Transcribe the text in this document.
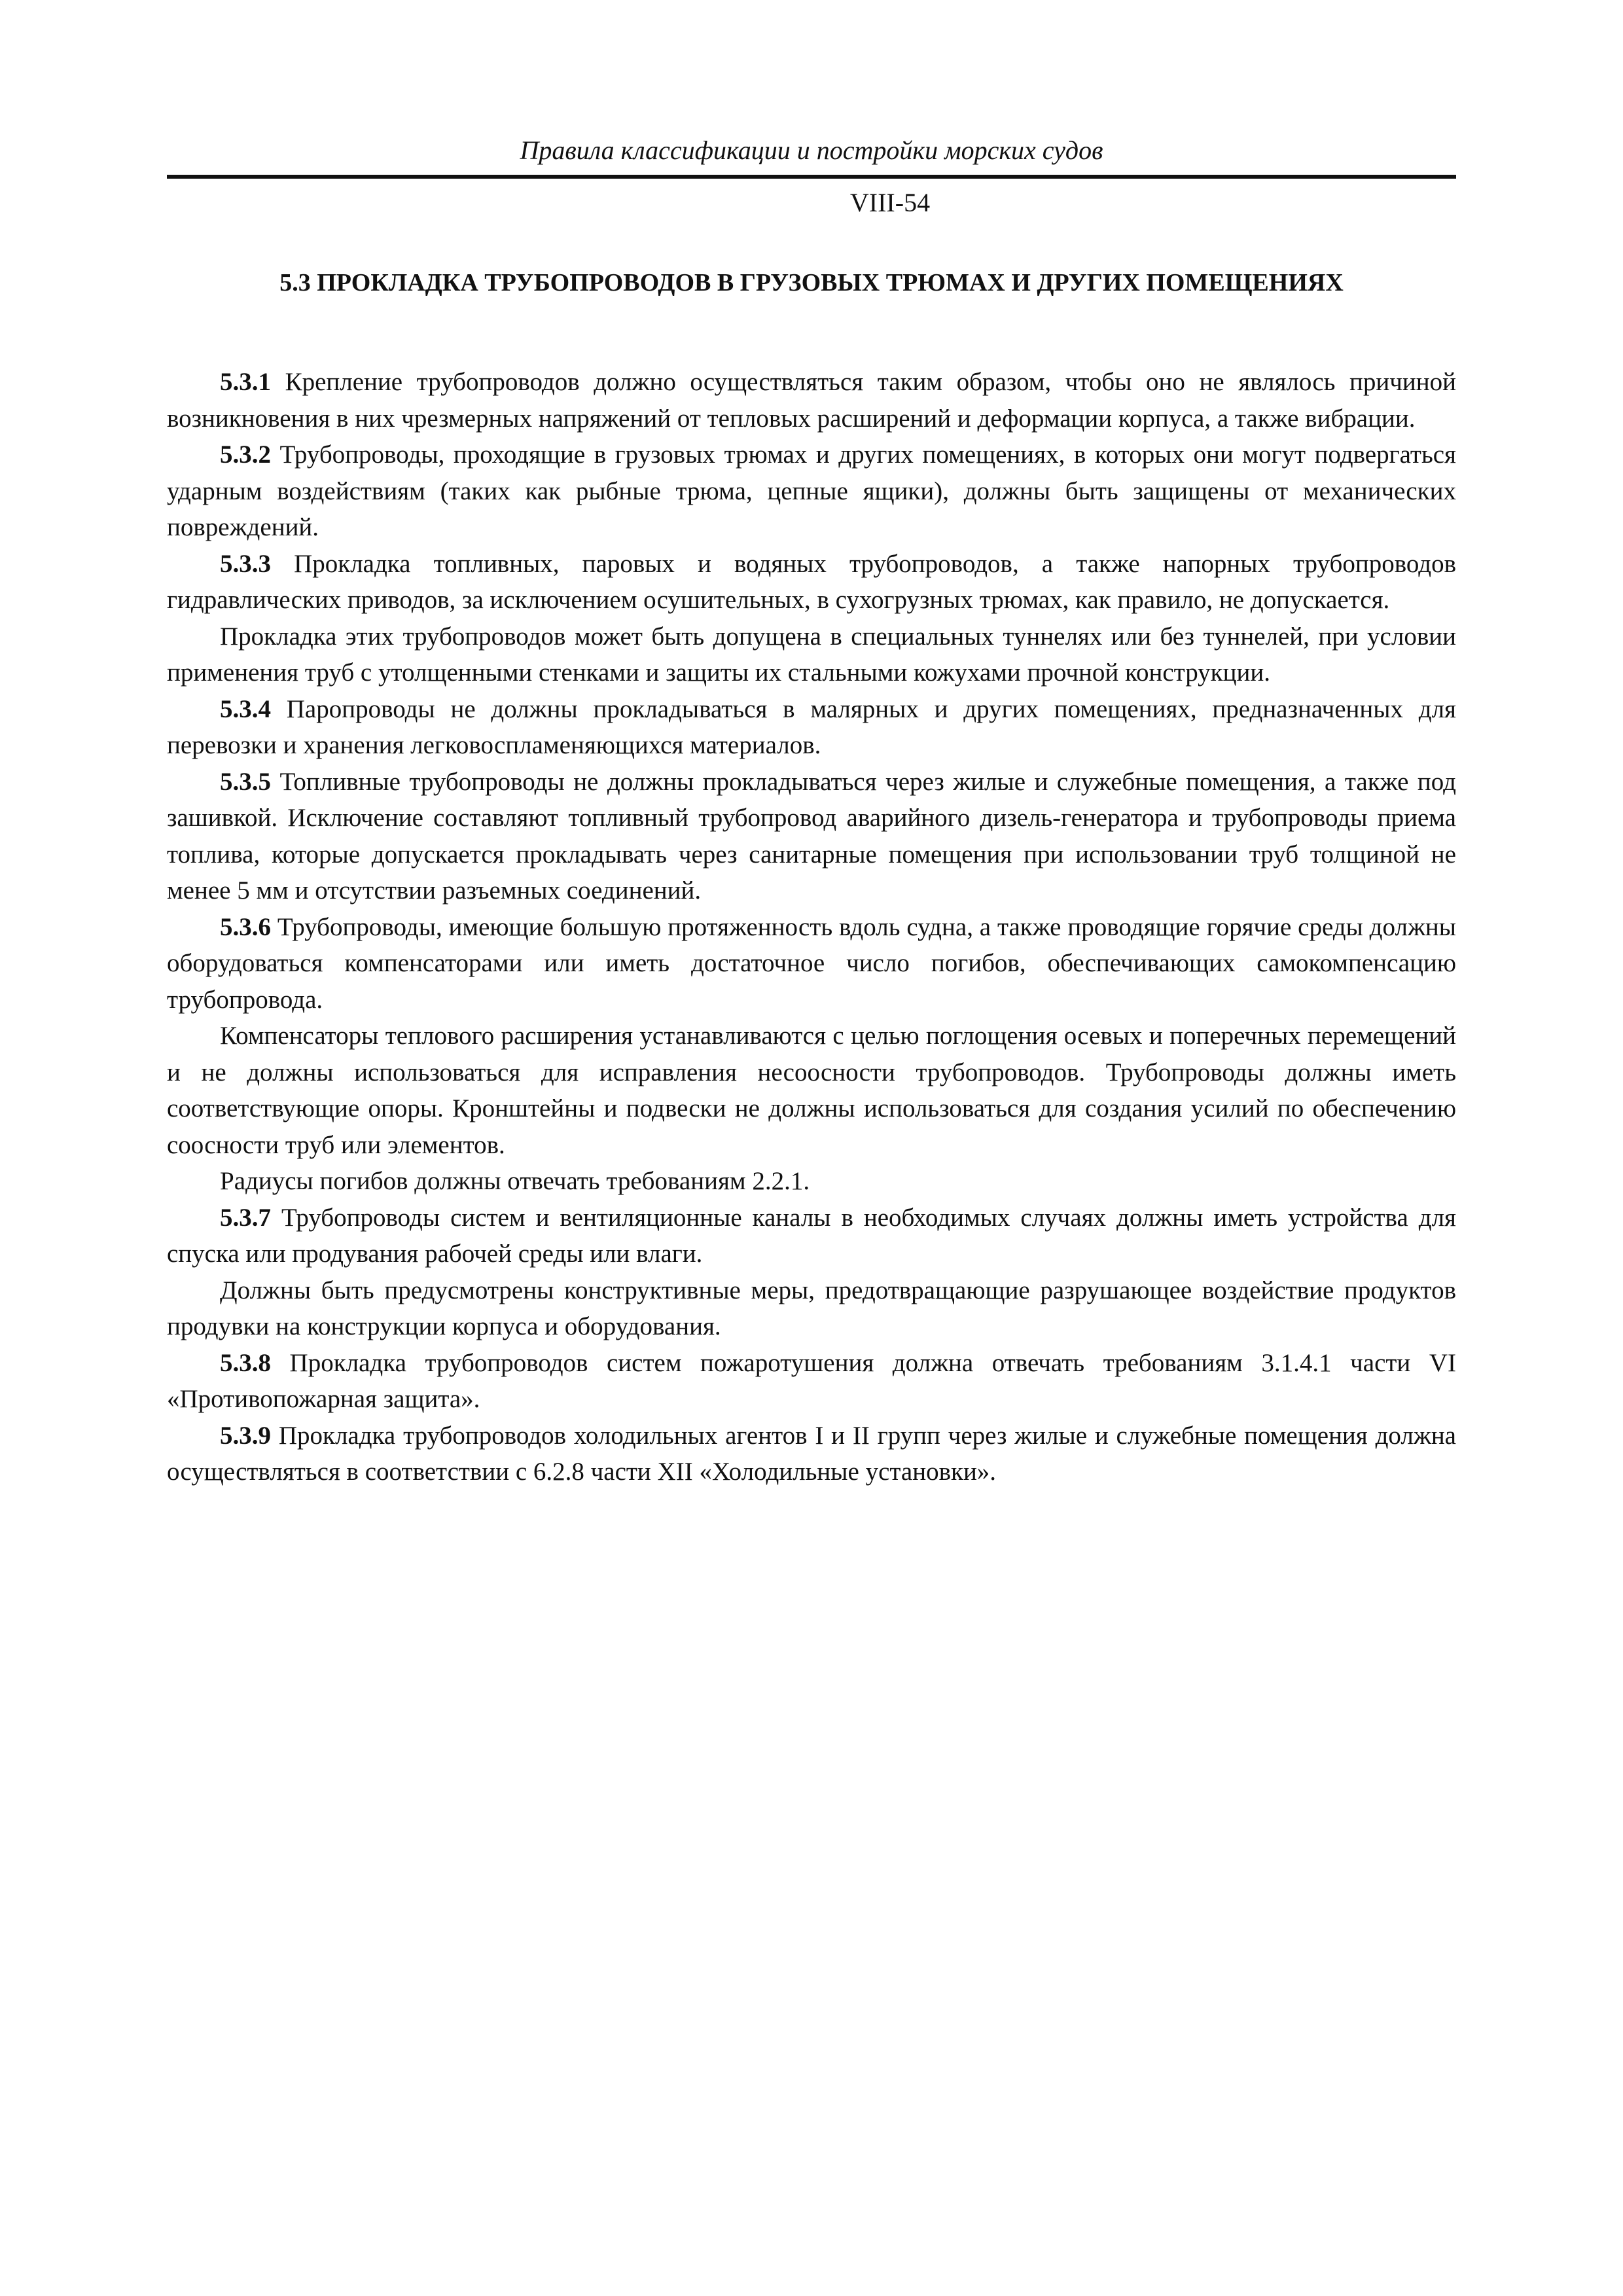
Правила классификации и постройки морских судов
VIII-54
5.3 ПРОКЛАДКА ТРУБОПРОВОДОВ В ГРУЗОВЫХ ТРЮМАХ И ДРУГИХ ПОМЕЩЕНИЯХ

5.3.1 Крепление трубопроводов должно осуществляться таким образом, чтобы оно не являлось причиной возникновения в них чрезмерных напряжений от тепловых расширений и деформации корпуса, а также вибрации.

5.3.2 Трубопроводы, проходящие в грузовых трюмах и других помещениях, в которых они могут подвергаться ударным воздействиям (таких как рыбные трюма, цепные ящики), должны быть защищены от механических повреждений.

5.3.3 Прокладка топливных, паровых и водяных трубопроводов, а также напорных трубопроводов гидравлических приводов, за исключением осушительных, в сухогрузных трюмах, как правило, не допускается.

Прокладка этих трубопроводов может быть допущена в специальных туннелях или без туннелей, при условии применения труб с утолщенными стенками и защиты их стальными кожухами прочной конструкции.

5.3.4 Паропроводы не должны прокладываться в малярных и других помещениях, предназначенных для перевозки и хранения легковоспламеняющихся материалов.

5.3.5 Топливные трубопроводы не должны прокладываться через жилые и служебные помещения, а также под зашивкой. Исключение составляют топливный трубопровод аварийного дизель-генератора и трубопроводы приема топлива, которые допускается прокладывать через санитарные помещения при использовании труб толщиной не менее 5 мм и отсутствии разъемных соединений.

5.3.6 Трубопроводы, имеющие большую протяженность вдоль судна, а также проводящие горячие среды должны оборудоваться компенсаторами или иметь достаточное число погибов, обеспечивающих самокомпенсацию трубопровода.

Компенсаторы теплового расширения устанавливаются с целью поглощения осевых и поперечных перемещений и не должны использоваться для исправления несоосности трубопроводов. Трубопроводы должны иметь соответствующие опоры. Кронштейны и подвески не должны использоваться для создания усилий по обеспечению соосности труб или элементов.

Радиусы погибов должны отвечать требованиям 2.2.1.

5.3.7 Трубопроводы систем и вентиляционные каналы в необходимых случаях должны иметь устройства для спуска или продувания рабочей среды или влаги.

Должны быть предусмотрены конструктивные меры, предотвращающие разрушающее воздействие продуктов продувки на конструкции корпуса и оборудования.

5.3.8 Прокладка трубопроводов систем пожаротушения должна отвечать требованиям 3.1.4.1 части VI «Противопожарная защита».

5.3.9 Прокладка трубопроводов холодильных агентов I и II групп через жилые и служебные помещения должна осуществляться в соответствии с 6.2.8 части XII «Холодильные установки».
